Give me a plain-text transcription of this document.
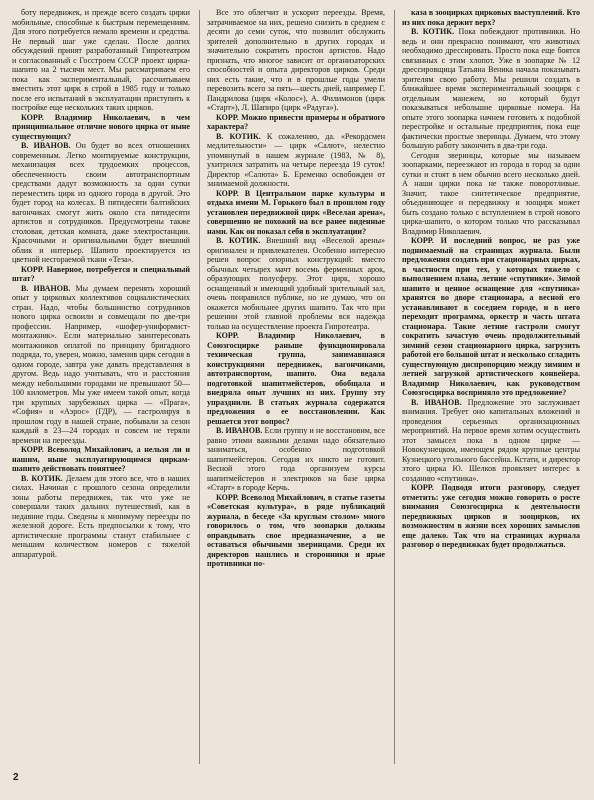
боту передвижек, и прежде всего создать цирки мобильные, способные к быстрым перемещениям. Для этого потребуется немало времени и средства. Не первый шаг уже сделан. После долгих обсуждений принят разработанный Гипротеатром и согласованный с Госстроем СССР проект цирка-шапито на 2 тысячи мест. Мы рассматриваем его пока как экспериментальный, рассчитываем вместить этот цирк в строй в 1985 году и только после его испытаний в эксплуатации приступить к постройке еще нескольких таких цирков.

КОРР. Владимир Николаевич, в чем принципиальное отличие нового цирка от ныне существующих?

В. ИВАНОВ. Он будет во всех отношениях современным. Легко монтируемые конструкции, механизация всех трудоемких процессов, обеспеченность своим автотранспортным средствами дадут возможность за одни сутки переместить цирк из одного города в другой. Это будет город на колесах. В пятидесяти балтийских вагончиках смогут жить около ста пятидесяти артистов и сотрудников. Предусмотрены также столовая, детская комната, даже электростанции. Красочными и оригинальными будет внешний облик и интерьер. Шапито проектируется из цветной несгораемой ткани «Теза».

КОРР. Наверное, потребуется и специальный штат?

В. ИВАНОВ. Мы думаем перенять хороший опыт у цирковых коллективов социалистических стран. Надо, чтобы большинство сотрудников нового цирка освоили и совмещали по две-три профессии. Например, «шофер-униформист-монтажник». Если материально заинтересовать монтажников оплатой по принципу бригадного подряда, то, уверен, можно, заменив цирк сегодня в одном городе, завтра уже давать представления в другом. Ведь надо учитывать, что и расстояния между небольшими городами не превышают 50—100 километров. Мы уже имеем такой опыт, когда три крупных зарубежных цирка — «Прага», «София» и «Аэрос» (ГДР), — гастролируя в прошлом году в нашей стране, побывали за сезон каждый в 23—24 городах и совсем не теряли времени на переезды.

КОРР. Всеволод Михайлович, а нельзя ли и нашим, ныне эксплуатирующимся циркам-шапито действовать понятнее?

В. КОТИК. Делаем для этого все, что в наших силах. Начиная с прошлого сезона определили зоны работы передвижек, так что уже не совершали таких дальних путешествий, как в недавние годы. Сведены к минимуму переезды по железной дороге. Есть предпосылки к тому, что артистические программы станут стабильнее с меньшим количеством номеров с тяжелой аппаратурой.

Все это облегчит и ускорит переезды. Время, затрачиваемое на них, решено снизить в среднем с десяти до семи суток, что позволит обслужить зрителей дополнительно в других городах и значительно сократить простои артистов. Надо признать, что многое зависит от организаторских способностей и опыта директоров цирков. Среди них есть такие, что и в прошлые годы умели перевозить всего за пять—шесть дней, например Г. Пандрилова (цирк «Колос»), А. Филимонов (цирк «Старт»), Л. Шапиро (цирк «Радуга»).

КОРР. Можно привести примеры и обратного характера?

В. КОТИК. К сожалению, да. «Рекордсмен медлительности» — цирк «Салют», нелестно упомянутый в нашем журнале (1983, № 8), ухитрился затратить на четыре переезда 19 суток! Директор «Салюта» Б. Еременко освобожден от занимаемой должности.

КОРР. В Центральном парке культуры и отдыха имени М. Горького был в прошлом году установлен передвижной цирк «Веселая арена», совершенно не похожий на все ранее виденные нами. Как он показал себя в эксплуатации?

В. КОТИК. Внешний вид «Веселой арены» оригинален и привлекателен. Особенно интересно решен вопрос опорных конструкций: вместо обычных четырех мачт восемь ферменных арок, образующих полусферу. Этот цирк, хорошо оснащенный и имеющий удобный зрительный зал, очень понравился публике, но не думаю, что он окажется мобильнее других шапито. Так что при решении этой главной проблемы вся надежда только на осуществление проекта Гипротеатра.

КОРР. Владимир Николаевич, в Союзгосцирке раньше функционировала техническая группа, занимавшаяся конструкциями передвижек, вагончиками, автотранспортом, шапито. Она ведала подготовкой шапитмейстеров, обобщала и внедряла опыт лучших из них. Группу эту упразднили. В статьях журнала содержатся предложения о ее восстановлении. Как решается этот вопрос?

В. ИВАНОВ. Если группу и не восстановим, все равно этими важными делами надо обязательно заниматься, особенно подготовкой шапитмейстеров. Сегодня их никто не готовит. Весной этого года организуем курсы шапитмейстеров и электриков на базе цирка «Старт» в городе Керчь.

КОРР. Всеволод Михайлович, в статье газеты «Советская культура», в ряде публикаций журнала, в беседе «За круглым столом» много говорилось о том, что зоопарки должны оправдывать свое предназначение, а не оставаться обычными зверинцами. Среди их директоров нашлись и сторонники и ярые противники по-

каза в зооцирках цирковых выступлений. Кто из них пока держит верх?

В. КОТИК. Пока побеждают противники. Но ведь и они прекрасно понимают, что животных необходимо дрессировать. Просто пока еще боятся связанных с этим хлопот. Уже в зоопарке № 12 дрессировщица Татьяна Веника начала показывать зрителям свою работу. Мы решили создать в ближайшее время экспериментальный зооцирк с отдельным манежем, но который будут показываться небольшие цирковые номера. На опыте этого зоопарка начнем готовить к подобной перестройке и остальные предприятия, пока еще фактически простые зверинцы. Думаем, что этому большую работу закончить в два-три года.

Сегодня зверинцы, которые мы называем зоопарками, переезжают из города в город за одни сутки и стоят в нем обычно всего несколько дней. А наши цирки пока не также поворотливые. Значит, такое синтетическое предприятие, объединяющее и передвижку и зооцирк может быть создано только с вступлением в строй нового цирка-шапито, о котором только что рассказывал Владимир Николаевич.

КОРР. И последний вопрос, не раз уже поднимаемый на страницах журнала. Были предложения создать при стационарных цирках, в частности при тех, у которых тяжело с выполнением плана, летние «спутники». Зимой шапито и ценное оснащение для «спутника» хранятся во дворе стационара, а весной его устанавливают в соседнем городе, и в него переходит программа, оркестр и часть штата стационара. Такие летние гастроли смогут сократить зачастую очень продолжительный зимний сезон стационарного цирка, загрузить работой его большой штат и несколько сгладить существующую диспропорцию между зимним и летней загрузкой артистического конвейера. Владимир Николаевич, как руководством Союзгосцирка восприняло это предложение?

В. ИВАНОВ. Предложение это заслуживает внимания. Требует оно капитальных вложений и проведения серьезных организационных мероприятий. На первое время хотим осуществить этот замысел пока в одном цирке — Новокузнецком, имеющем рядом крупные центры Кузнецкого угольного бассейна. Кстати, и директор этого цирка Ю. Шелков проявляет интерес к созданию «спутника».

КОРР. Подводя итоги разговору, следует отметить: уже сегодня можно говорить о росте внимания Союзгосцирка к деятельности передвижных цирков и зооцирков, их возможностям в жизни всех хороших замыслов еще далеко. Так что на страницах журнала разговор о передвижках будет продолжаться.

2
